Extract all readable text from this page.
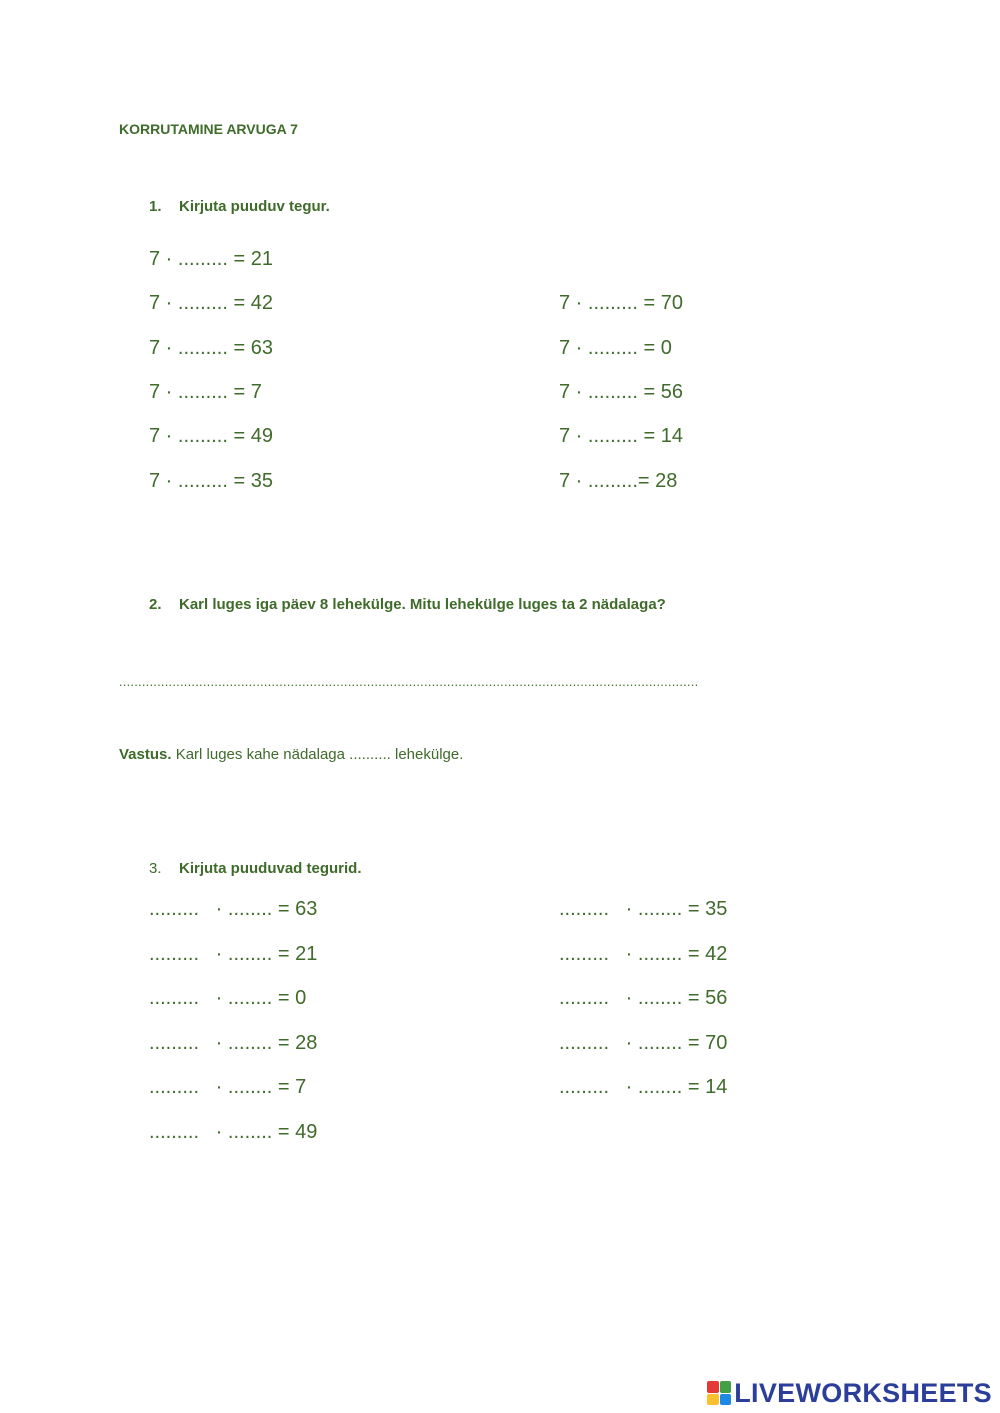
KORRUTAMINE ARVUGA 7
1. Kirjuta puuduv tegur.
7 · ......... = 21
7 · ......... = 42
7 · ......... = 63
7 · ......... = 7
7 · ......... = 49
7 · ......... = 35
7 · ......... = 70
7 · ......... = 0
7 · ......... = 56
7 · ......... = 14
7 · .........= 28
2. Karl luges iga päev 8 lehekülge. Mitu lehekülge luges ta 2 nädalaga?
........................................................................................................................................................
Vastus. Karl luges kahe nädalaga .......... lehekülge.
3. Kirjuta puuduvad tegurid.
.........   · ........ = 63
.........   · ........ = 21
.........   · ........ = 0
.........   · ........ = 28
.........   · ........ = 7
.........   · ........ = 49
.........   · ........ = 35
.........   · ........ = 42
.........   · ........ = 56
.........   · ........ = 70
.........   · ........ = 14
LIVEWORKSHEETS
